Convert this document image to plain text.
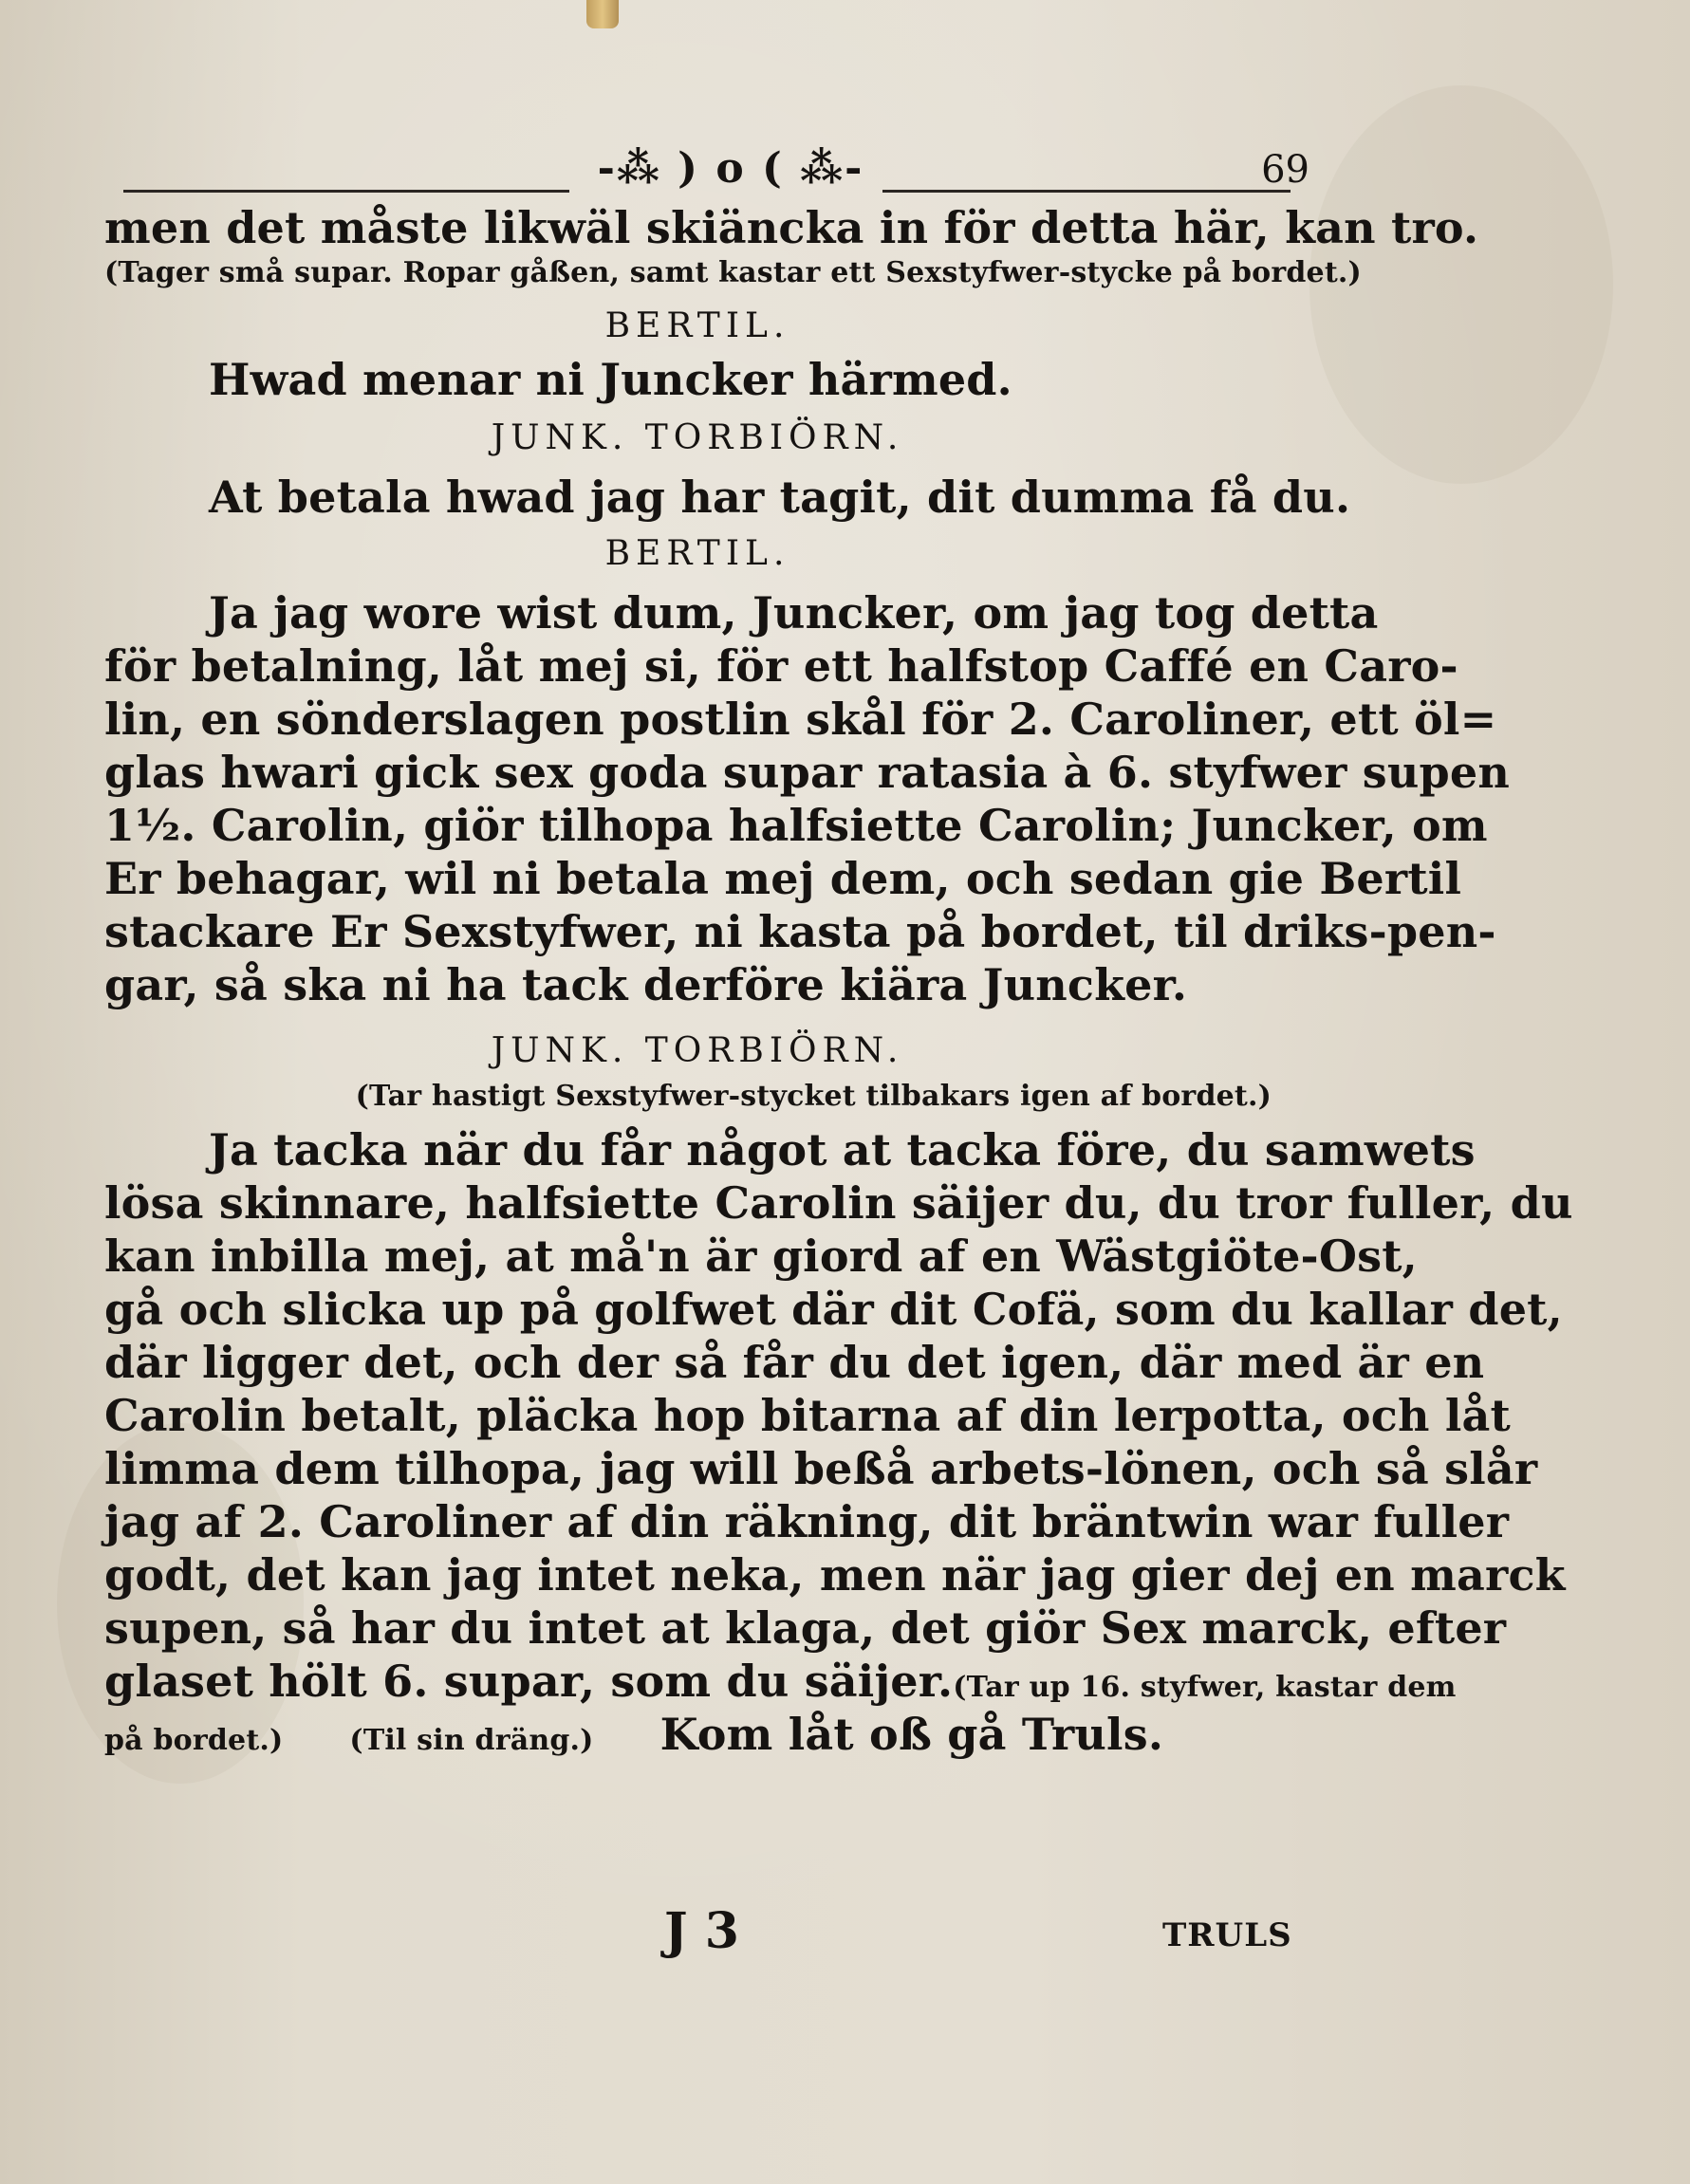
-⁂ ) o ( ⁂-	69
men det måste likwäl skiäncka in för detta här, kan tro.
(Tager små supar. Ropar gåßen, samt kastar ett Sexstyfwer-stycke på bordet.)
BERTIL.
Hwad menar ni Juncker härmed.
JUNK. TORBIÖRN.
At betala hwad jag har tagit, dit dumma få du.
BERTIL.
Ja jag wore wist dum, Juncker, om jag tog detta
för betalning, låt mej si, för ett halfstop Caffé en Caro-
lin, en sönderslagen postlin skål för 2. Caroliner, ett öl=
glas hwari gick sex goda supar ratasia à 6. styfwer supen
1½. Carolin, giör tilhopa halfsiette Carolin; Juncker, om
Er behagar, wil ni betala mej dem, och sedan gie Bertil
stackare Er Sexstyfwer, ni kasta på bordet, til driks-pen-
gar, så ska ni ha tack derföre kiära Juncker.
JUNK. TORBIÖRN.
(Tar hastigt Sexstyfwer-stycket tilbakars igen af bordet.)
Ja tacka när du får något at tacka före, du samwets
lösa skinnare, halfsiette Carolin säijer du, du tror fuller, du
kan inbilla mej, at må'n är giord af en Wästgiöte-Ost,
gå och slicka up på golfwet där dit Cofä, som du kallar det,
där ligger det, och der så får du det igen, där med är en
Carolin betalt, pläcka hop bitarna af din lerpotta, och låt
limma dem tilhopa, jag will beßå arbets-lönen, och så slår
jag af 2. Caroliner af din räkning, dit bräntwin war fuller
godt, det kan jag intet neka, men när jag gier dej en marck
supen, så har du intet at klaga, det giör Sex marck, efter
glaset hölt 6. supar, som du säijer. (Tar up 16. styfwer, kastar dem
på bordet.) (Til sin dräng.) Kom låt oß gå Truls.
J 3	TRULS
